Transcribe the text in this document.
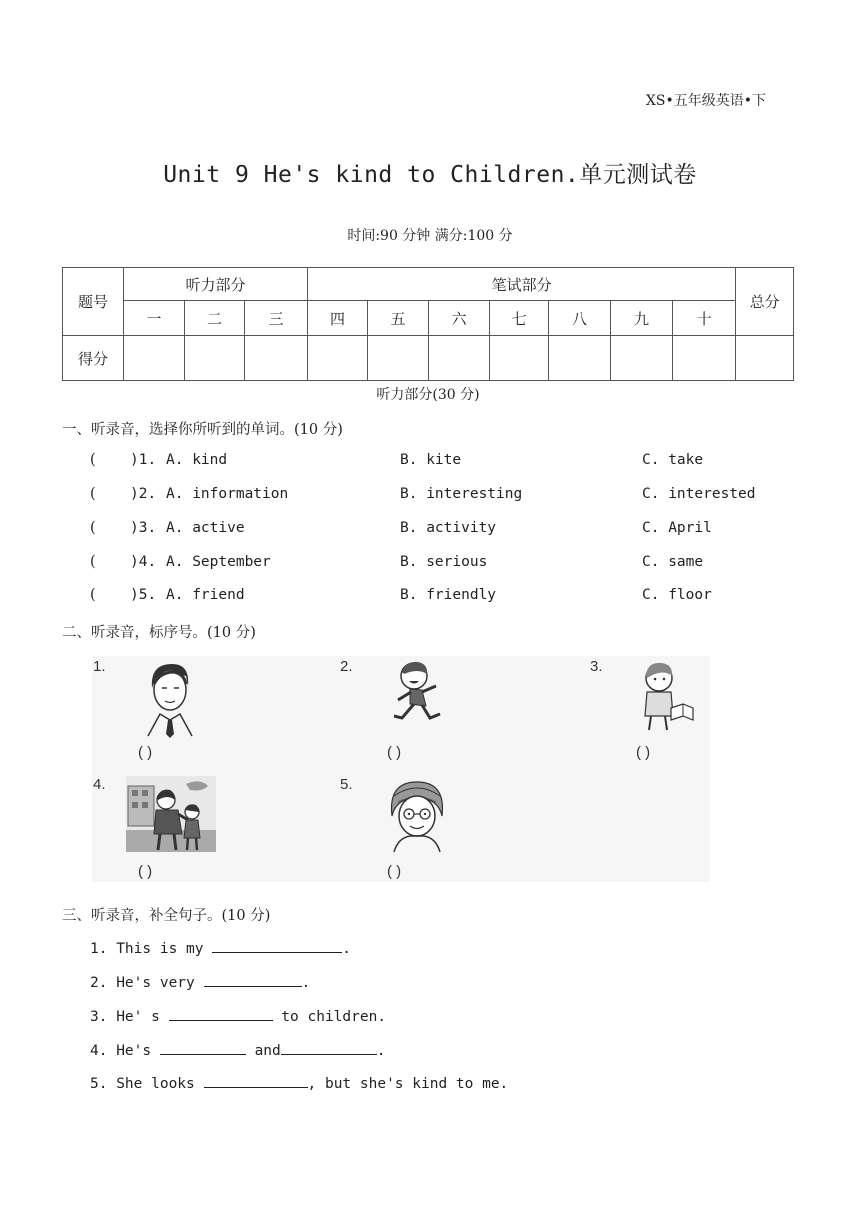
XS•五年级英语•下
Unit 9 He's kind to Children.单元测试卷
时间:90 分钟 满分:100 分
题号	听力部分			笔试部分							总分
	一	二	三	四	五	六	七	八	九	十	
得分											
听力部分(30 分)
一、听录音，选择你所听到的单词。(10 分)
( )1. A. kind	B. kite	C. take
( )2. A. information	B. interesting	C. interested
( )3. A. active	B. activity	C. April
( )4. A. September	B. serious	C. same
( )5. A. friend	B. friendly	C. floor
二、听录音，标序号。(10 分)
1.
( )
2.
( )
3.
( )
4.
( )
5.
( )
三、听录音，补全句子。(10 分)
1. This is my	.
2. He's very	.
3. He' s	to children.
4. He's	and	.
5. She looks	, but she's kind to me.
